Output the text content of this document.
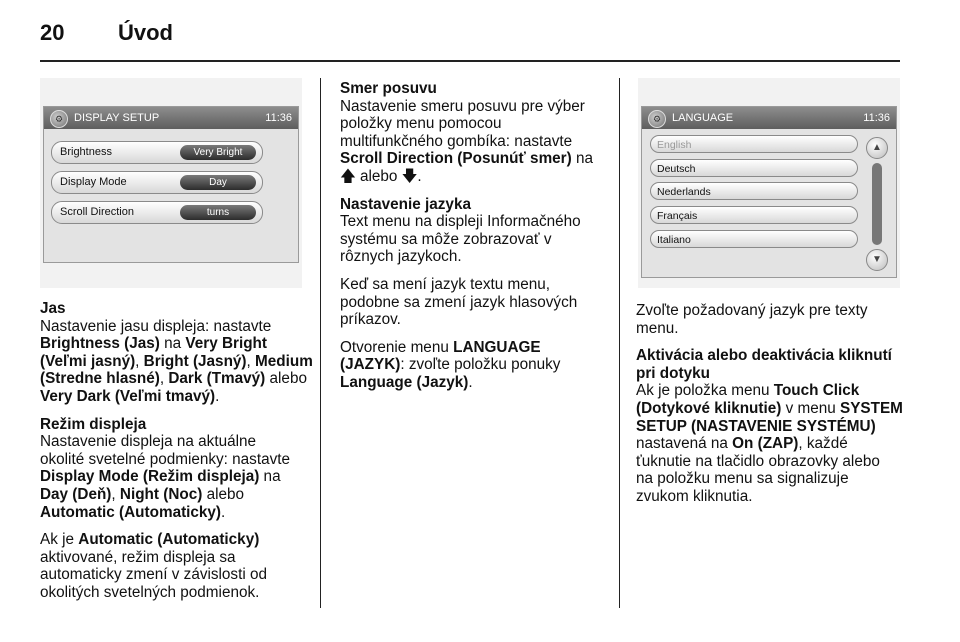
20 Úvod
⚙ DISPLAY SETUP	11:36
Brightness	Very Bright
Display Mode	Day
Scroll Direction	turns
⚙ LANGUAGE	11:36
English
Deutsch
Nederlands
Français
Italiano
▲
▼

Jas

Nastavenie jasu displeja: nastavte Brightness (Jas) na Very Bright

(Veľmi jasný), Bright (Jasný), Medium

(Stredne hlasné), Dark (Tmavý) alebo

Very Dark (Veľmi tmavý).

Režim displeja

Nastavenie displeja na aktuálne

okolité svetelné podmienky: nastavte

Display Mode (Režim displeja) na

Day (Deň), Night (Noc) alebo

Automatic (Automaticky).

Ak je Automatic (Automaticky)

aktivované, režim displeja sa

automaticky zmení v závislosti od

okolitých svetelných podmienok.

Smer posuvu

Nastavenie smeru posuvu pre výber

položky menu pomocou

multifunkčného gombíka: nastavte

Scroll Direction (Posunúť smer) na

🡅 alebo 🡇.

Nastavenie jazyka

Text menu na displeji Informačného

systému sa môže zobrazovať v

rôznych jazykoch.

Keď sa mení jazyk textu menu,

podobne sa zmení jazyk hlasových

príkazov.

Otvorenie menu LANGUAGE

(JAZYK): zvoľte položku ponuky

Language (Jazyk).

Zvoľte požadovaný jazyk pre texty

menu.

Aktivácia alebo deaktivácia kliknutí

pri dotyku

Ak je položka menu Touch Click

(Dotykové kliknutie) v menu SYSTEM

SETUP (NASTAVENIE SYSTÉMU)

nastavená na On (ZAP), každé

ťuknutie na tlačidlo obrazovky alebo

na položku menu sa signalizuje

zvukom kliknutia.
